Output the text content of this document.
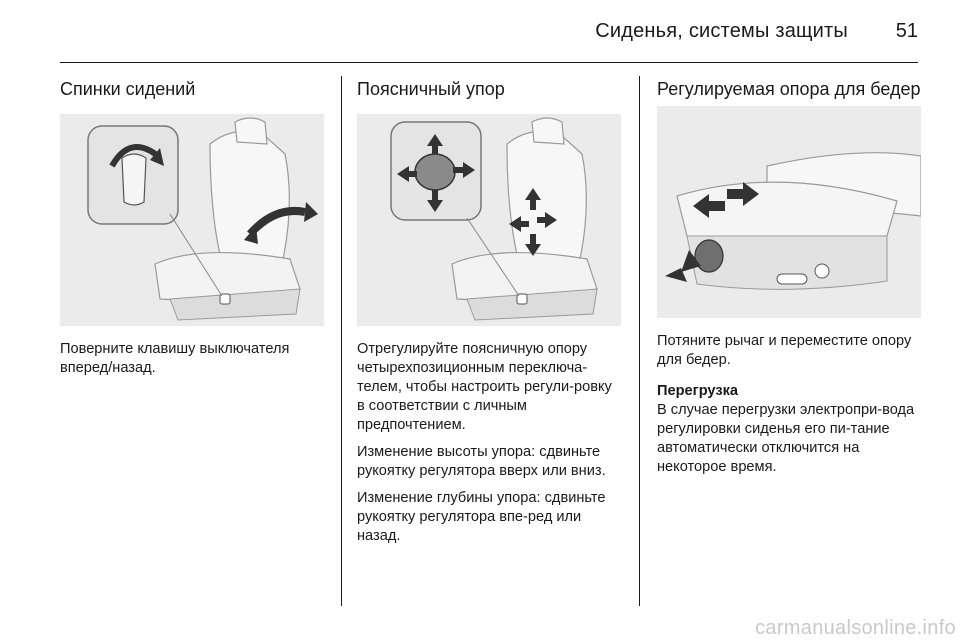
Сиденья, системы защиты 51
Спинки сидений

Поверните клавишу выключателя вперед/назад.

Поясничный упор

Отрегулируйте поясничную опору четырехпозиционным переключа-телем, чтобы настроить регули-ровку в соответствии с личным предпочтением.

Изменение высоты упора: сдвиньте рукоятку регулятора вверх или вниз.

Изменение глубины упора: сдвиньте рукоятку регулятора впе-ред или назад.

Регулируемая опора для бедер

Потяните рычаг и переместите опору для бедер.

Перегрузка

В случае перегрузки электропри-вода регулировки сиденья его пи-тание автоматически отключится на некоторое время.

carmanualsonline.info
